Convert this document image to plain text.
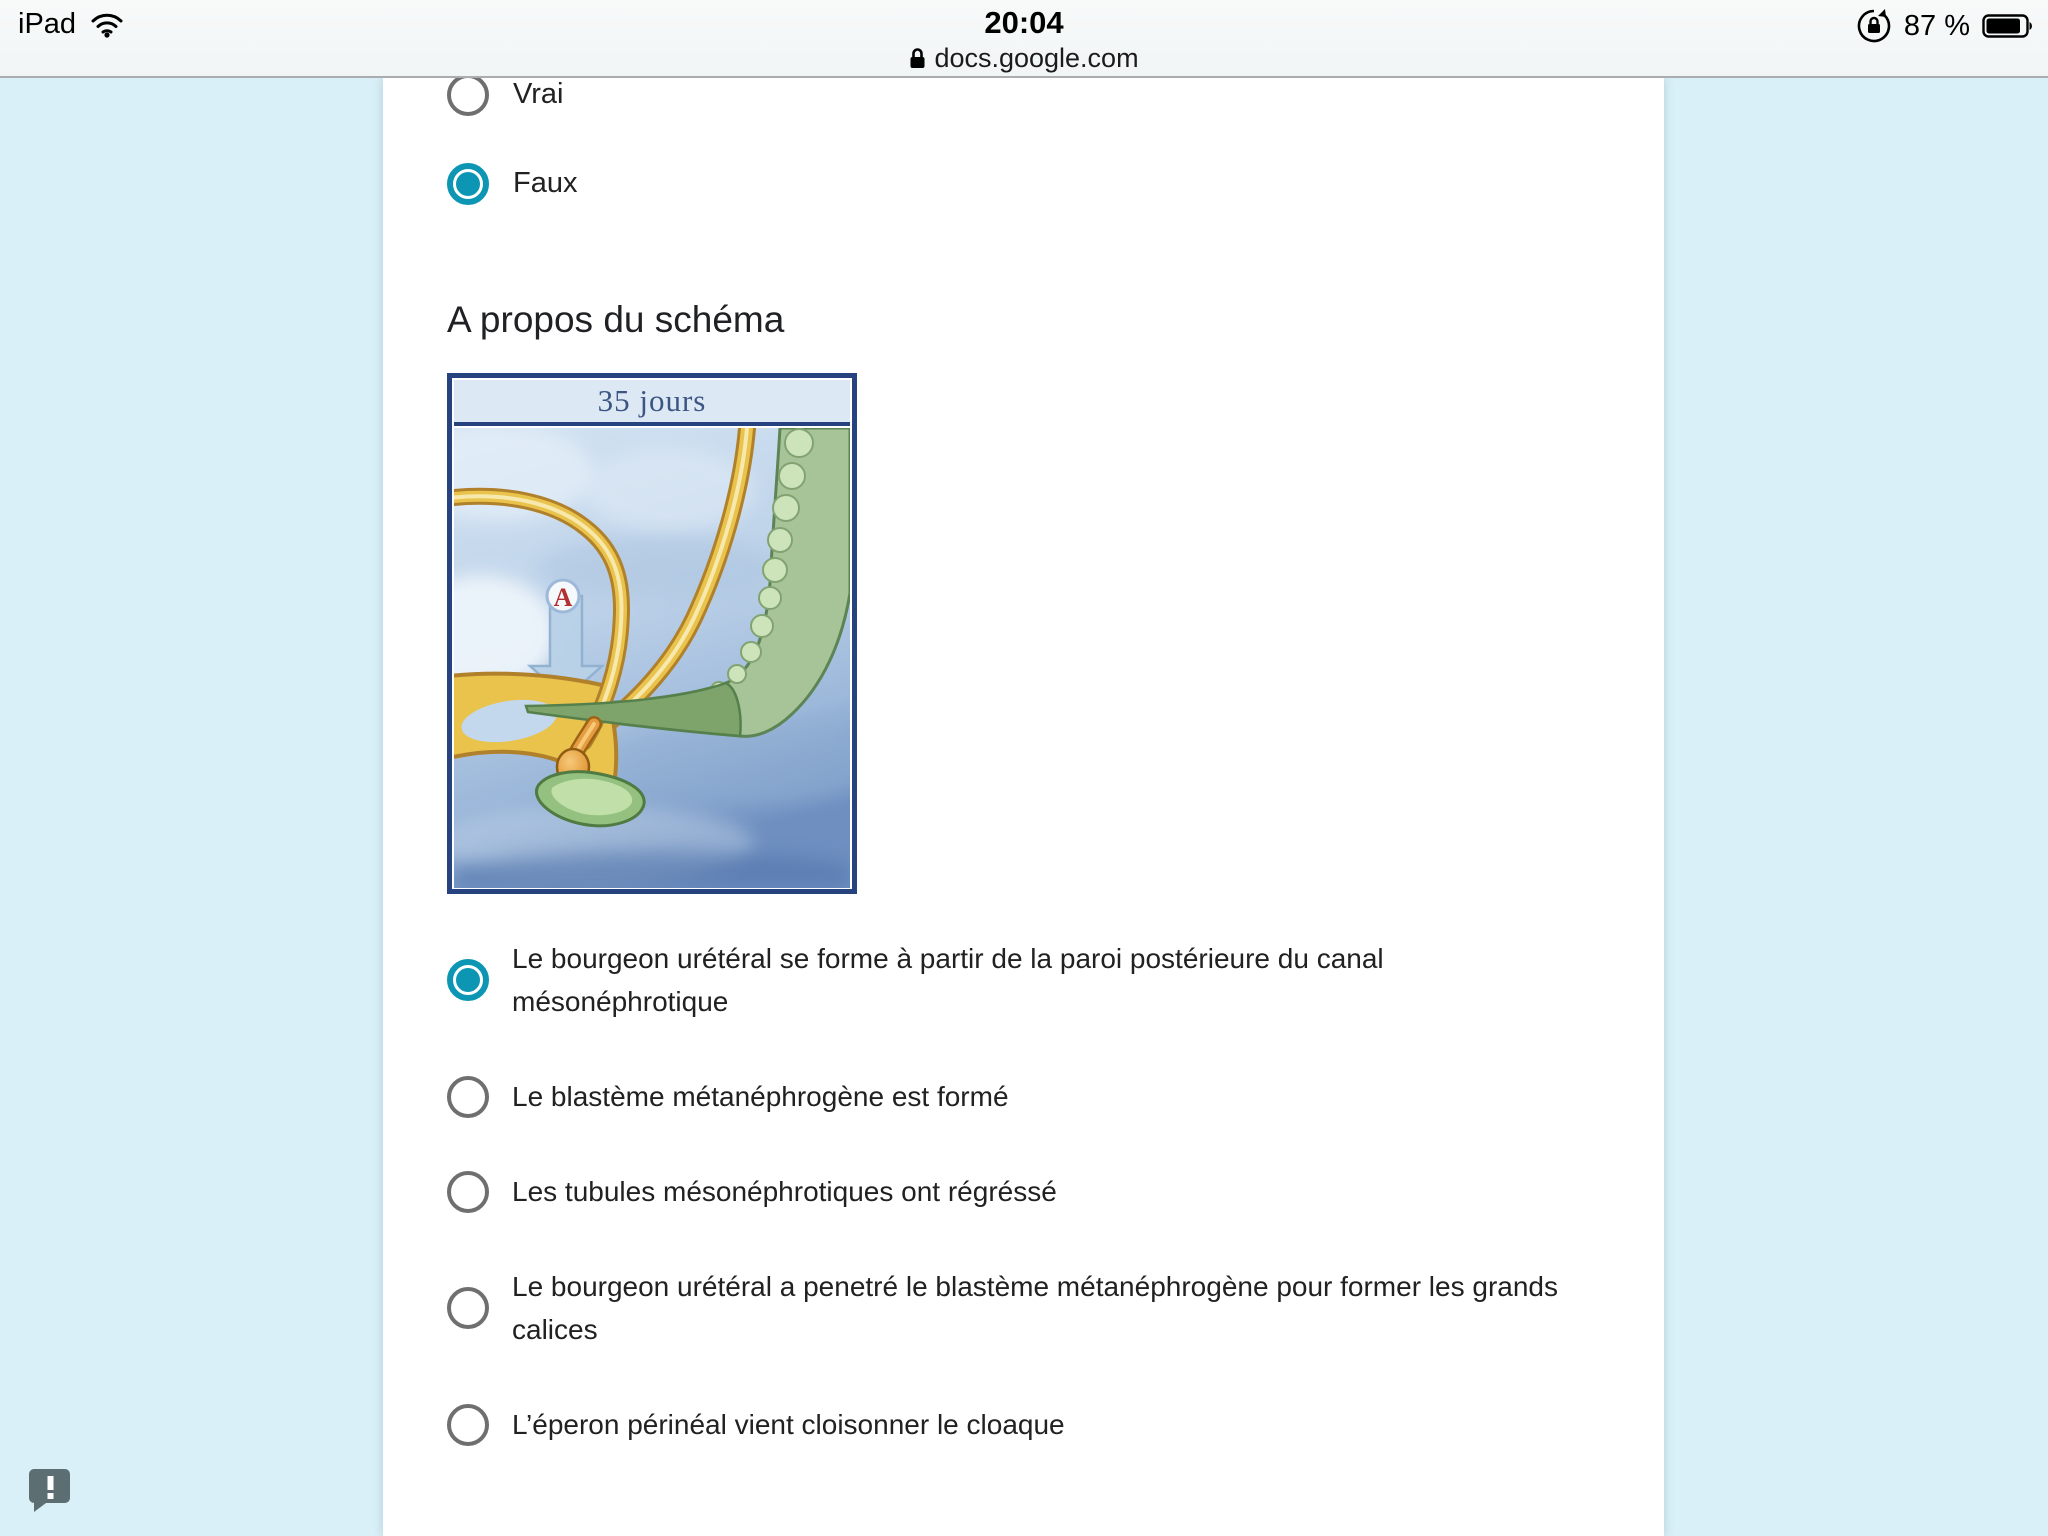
iPad	20:04
docs.google.com
87 %
Vrai
Faux
A propos du schéma
35 jours
A
Le bourgeon urétéral se forme à partir de la paroi postérieure du canal mésonéphrotique
Le blastème métanéphrogène est formé
Les tubules mésonéphrotiques ont régréssé
Le bourgeon urétéral a penetré le blastème métanéphrogène pour former les grands calices
L’éperon périnéal vient cloisonner le cloaque
